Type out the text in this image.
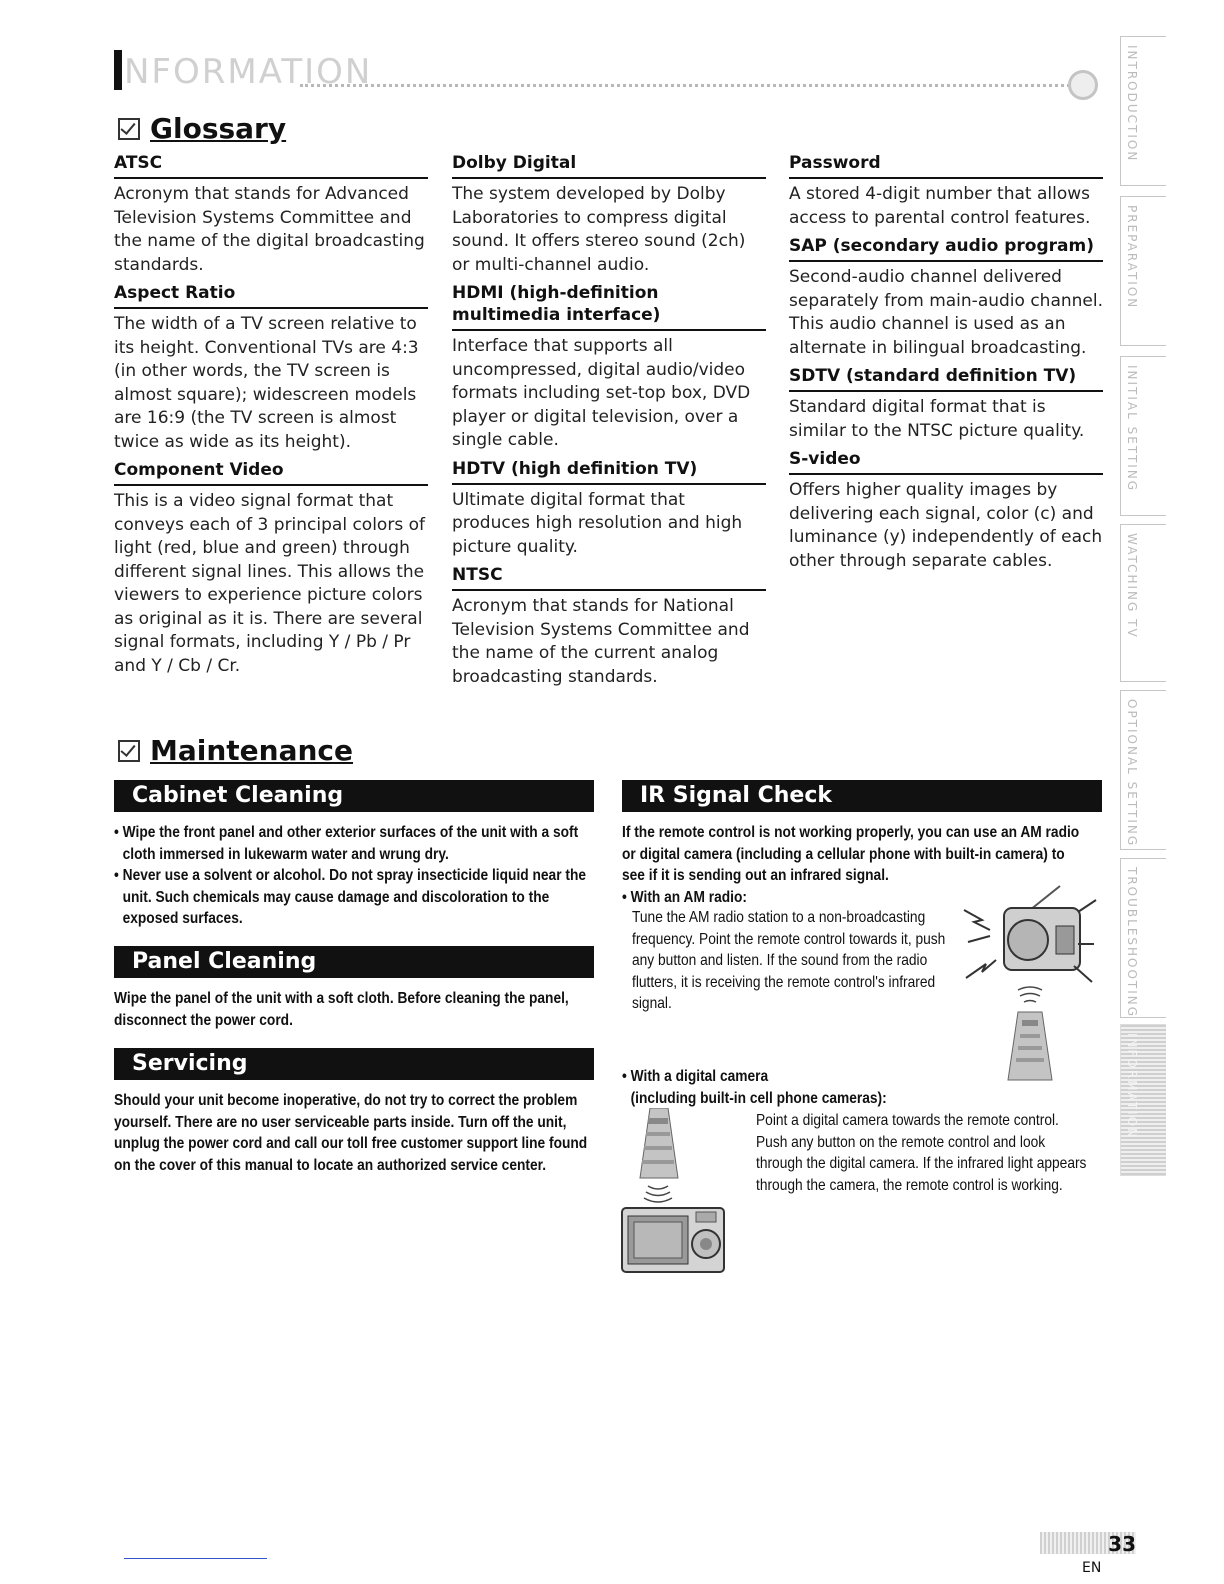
NFORMATION
Glossary
ATSC
Acronym that stands for Advanced Television Systems Committee and the name of the digital broadcasting standards.
Aspect Ratio
The width of a TV screen relative to its height. Conventional TVs are 4:3 (in other words, the TV screen is almost square); widescreen models are 16:9 (the TV screen is almost twice as wide as its height).
Component Video
This is a video signal format that conveys each of 3 principal colors of light (red, blue and green) through different signal lines. This allows the viewers to experience picture colors as original as it is. There are several signal formats, including Y / Pb / Pr and Y / Cb / Cr.
Dolby Digital
The system developed by Dolby Laboratories to compress digital sound. It offers stereo sound (2ch) or multi-channel audio.
HDMI (high-definition multimedia interface)
Interface that supports all uncompressed, digital audio/video formats including set-top box, DVD player or digital television, over a single cable.
HDTV (high definition TV)
Ultimate digital format that produces high resolution and high picture quality.
NTSC
Acronym that stands for National Television Systems Committee and the name of the current analog broadcasting standards.
Password
A stored 4-digit number that allows access to parental control features.
SAP (secondary audio program)
Second-audio channel delivered separately from main-audio channel. This audio channel is used as an alternate in bilingual broadcasting.
SDTV (standard definition TV)
Standard digital format that is similar to the NTSC picture quality.
S-video
Offers higher quality images by delivering each signal, color (c) and luminance (y) independently of each other through separate cables.
Maintenance
Cabinet Cleaning
• Wipe the front panel and other exterior surfaces of the unit with a soft cloth immersed in lukewarm water and wrung dry.
• Never use a solvent or alcohol. Do not spray insecticide liquid near the unit. Such chemicals may cause damage and discoloration to the exposed surfaces.
Panel Cleaning
Wipe the panel of the unit with a soft cloth. Before cleaning the panel, disconnect the power cord.
Servicing
Should your unit become inoperative, do not try to correct the problem yourself. There are no user serviceable parts inside. Turn off the unit, unplug the power cord and call our toll free customer support line found on the cover of this manual to locate an authorized service center.
IR Signal Check
If the remote control is not working properly, you can use an AM radio or digital camera (including a cellular phone with built-in camera) to see if it is sending out an infrared signal.
• With an AM radio:
Tune the AM radio station to a non-broadcasting frequency. Point the remote control towards it, push any button and listen. If the sound from the radio flutters, it is receiving the remote control's infrared signal.
• With a digital camera
(including built-in cell phone cameras):
Point a digital camera towards the remote control. Push any button on the remote control and look through the digital camera. If the infrared light appears through the camera, the remote control is working.
INTRODUCTION
PREPARATION
INITIAL SETTING
WATCHING TV
OPTIONAL SETTING
TROUBLESHOOTING
INFORMATION
33
EN
